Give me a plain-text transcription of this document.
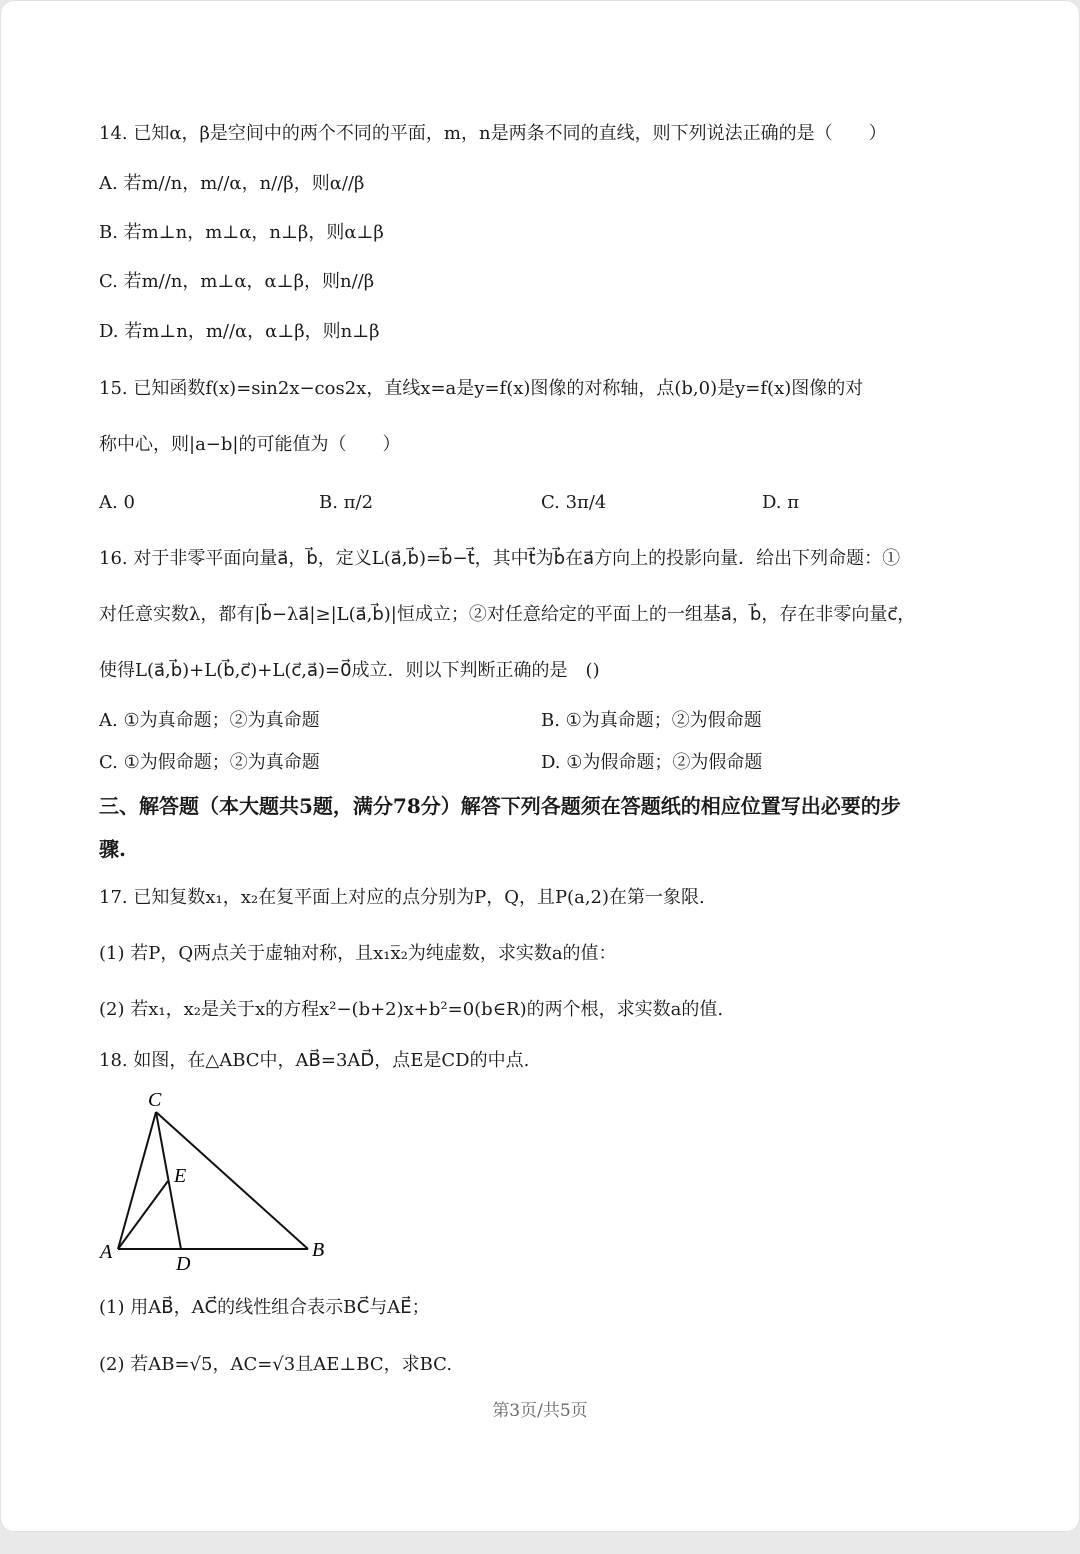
14. 已知α，β是空间中的两个不同的平面，m，n是两条不同的直线，则下列说法正确的是（　　）
A. 若m//n，m//α，n//β，则α//β
B. 若m⊥n，m⊥α，n⊥β，则α⊥β
C. 若m//n，m⊥α，α⊥β，则n//β
D. 若m⊥n，m//α，α⊥β，则n⊥β
15. 已知函数f(x)=sin2x−cos2x，直线x=a是y=f(x)图像的对称轴，点(b,0)是y=f(x)图像的对
称中心，则|a−b|的可能值为（　　）
A. 0	B. π/2	C. 3π/4	D. π
16. 对于非零平面向量a⃗，b⃗，定义L(a⃗,b⃗)=b⃗−t⃗，其中t⃗为b⃗在a⃗方向上的投影向量．给出下列命题：①
对任意实数λ，都有|b⃗−λa⃗|≥|L(a⃗,b⃗)|恒成立；②对任意给定的平面上的一组基a⃗，b⃗，存在非零向量c⃗，
使得L(a⃗,b⃗)+L(b⃗,c⃗)+L(c⃗,a⃗)=0⃗成立．则以下判断正确的是　()
A. ①为真命题；②为真命题	B. ①为真命题；②为假命题
C. ①为假命题；②为真命题	D. ①为假命题；②为假命题
三、解答题（本大题共5题，满分78分）解答下列各题须在答题纸的相应位置写出必要的步
骤.
17. 已知复数x₁，x₂在复平面上对应的点分别为P，Q，且P(a,2)在第一象限.
(1) 若P，Q两点关于虚轴对称，且x₁x̅₂为纯虚数，求实数a的值：
(2) 若x₁，x₂是关于x的方程x²−(b+2)x+b²=0(b∈R)的两个根，求实数a的值.
18. 如图，在△ABC中，AB⃗=3AD⃗，点E是CD的中点.
C
E
A
D
B
(1) 用AB⃗，AC⃗的线性组合表示BC⃗与AE⃗；
(2) 若AB=√5，AC=√3且AE⊥BC，求BC.
第3页/共5页
